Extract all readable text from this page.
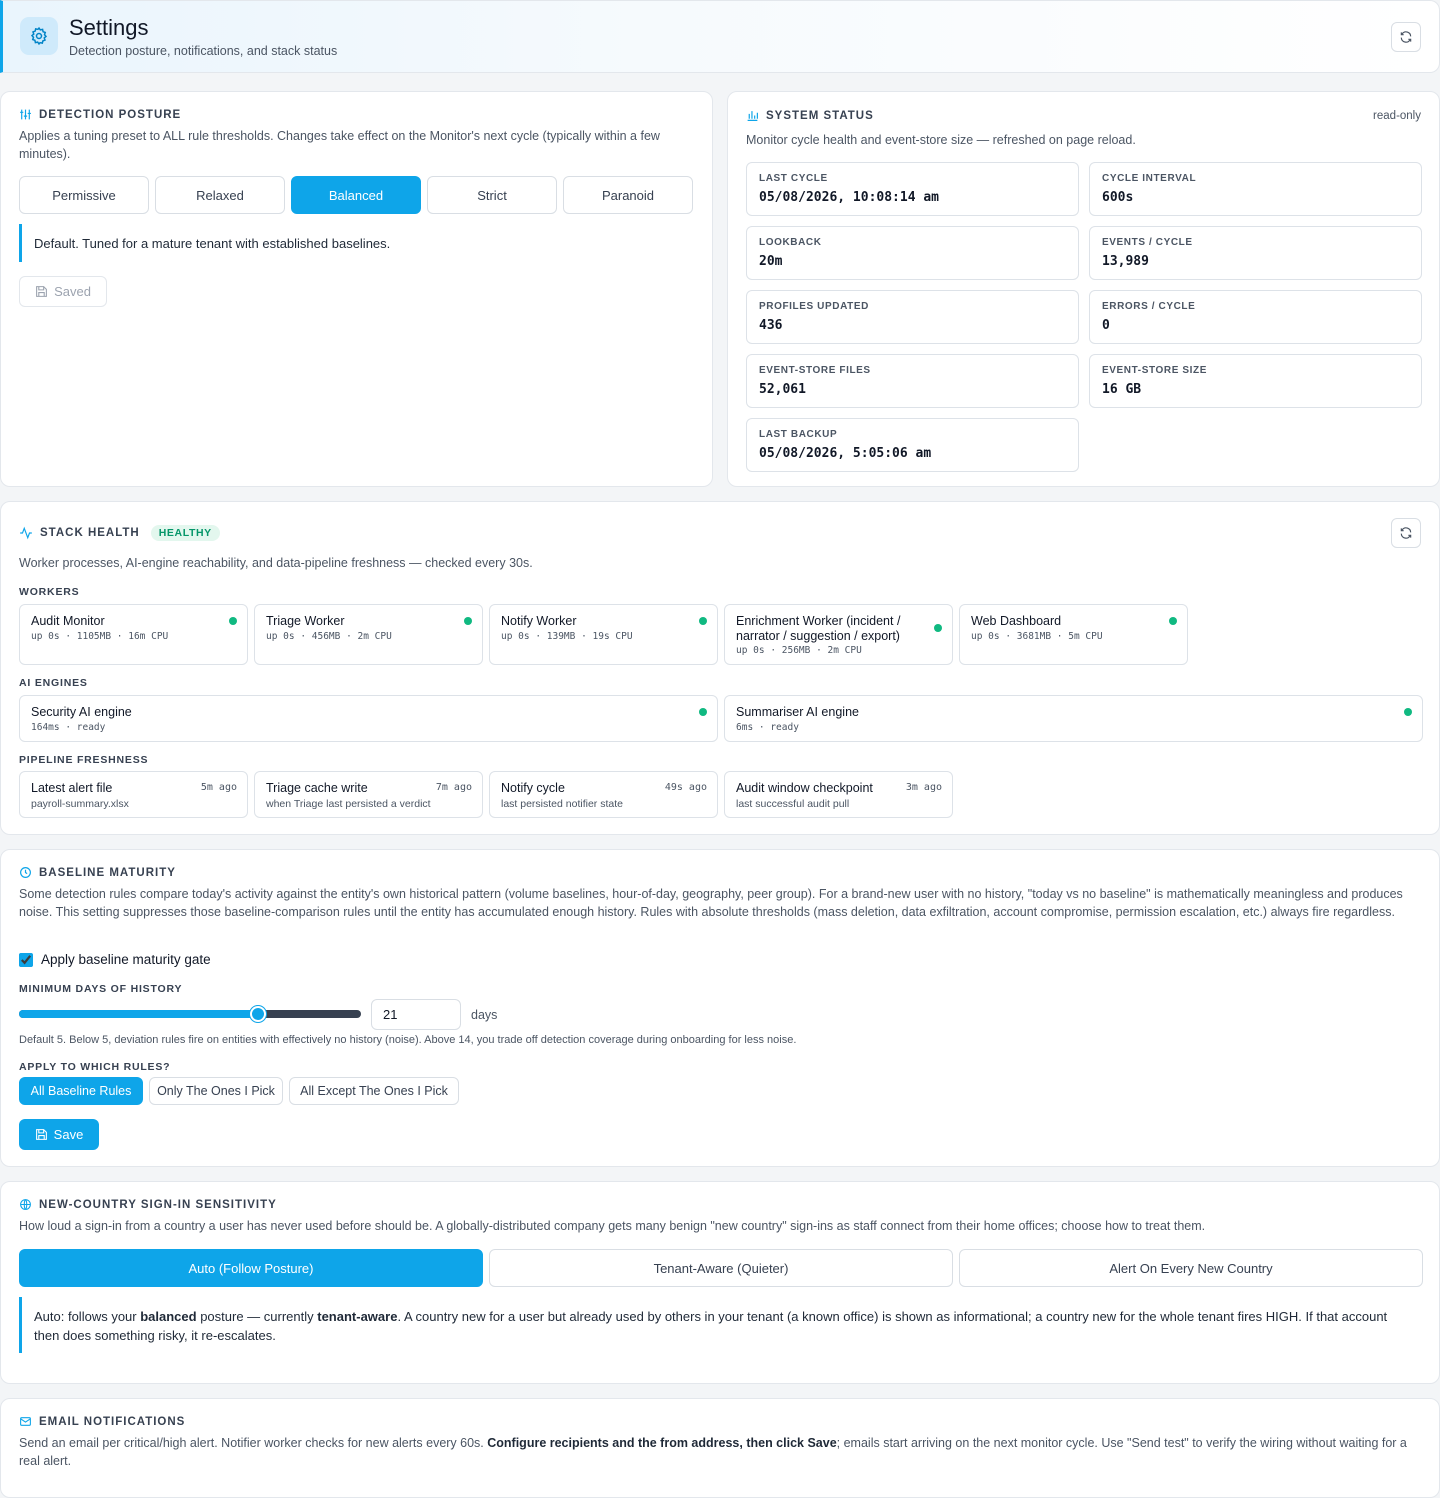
Settings
Detection posture, notifications, and stack status
DETECTION POSTURE
Applies a tuning preset to ALL rule thresholds. Changes take effect on the Monitor's next cycle (typically within a few minutes).
Permissive	Relaxed	Balanced	Strict	Paranoid
Default. Tuned for a mature tenant with established baselines.
Saved
SYSTEM STATUS	read-only
Monitor cycle health and event-store size — refreshed on page reload.
LAST CYCLE
05/08/2026, 10:08:14 am
CYCLE INTERVAL
600s
LOOKBACK
20m
EVENTS / CYCLE
13,989
PROFILES UPDATED
436
ERRORS / CYCLE
0
EVENT-STORE FILES
52,061
EVENT-STORE SIZE
16 GB
LAST BACKUP
05/08/2026, 5:05:06 am
STACK HEALTH	HEALTHY
Worker processes, AI-engine reachability, and data-pipeline freshness — checked every 30s.
WORKERS
Audit Monitor
up 0s · 1105MB · 16m CPU
Triage Worker
up 0s · 456MB · 2m CPU
Notify Worker
up 0s · 139MB · 19s CPU
Enrichment Worker (incident / narrator / suggestion / export)
up 0s · 256MB · 2m CPU
Web Dashboard
up 0s · 3681MB · 5m CPU
AI ENGINES
Security AI engine
164ms · ready
Summariser AI engine
6ms · ready
PIPELINE FRESHNESS
Latest alert file	5m ago
payroll-summary.xlsx
Triage cache write	7m ago
when Triage last persisted a verdict
Notify cycle	49s ago
last persisted notifier state
Audit window checkpoint	3m ago
last successful audit pull
BASELINE MATURITY
Some detection rules compare today's activity against the entity's own historical pattern (volume baselines, hour-of-day, geography, peer group). For a brand-new user with no history, "today vs no baseline" is mathematically meaningless and produces noise. This setting suppresses those baseline-comparison rules until the entity has accumulated enough history. Rules with absolute thresholds (mass deletion, data exfiltration, account compromise, permission escalation, etc.) always fire regardless.
Apply baseline maturity gate
MINIMUM DAYS OF HISTORY
21
days
Default 5. Below 5, deviation rules fire on entities with effectively no history (noise). Above 14, you trade off detection coverage during onboarding for less noise.
APPLY TO WHICH RULES?
All Baseline Rules	Only The Ones I Pick	All Except The Ones I Pick
Save
NEW-COUNTRY SIGN-IN SENSITIVITY
How loud a sign-in from a country a user has never used before should be. A globally-distributed company gets many benign "new country" sign-ins as staff connect from their home offices; choose how to treat them.
Auto (Follow Posture)	Tenant-Aware (Quieter)	Alert On Every New Country
Auto: follows your balanced posture — currently tenant-aware. A country new for a user but already used by others in your tenant (a known office) is shown as informational; a country new for the whole tenant fires HIGH. If that account then does something risky, it re-escalates.
EMAIL NOTIFICATIONS
Send an email per critical/high alert. Notifier worker checks for new alerts every 60s. Configure recipients and the from address, then click Save; emails start arriving on the next monitor cycle. Use "Send test" to verify the wiring without waiting for a real alert.
